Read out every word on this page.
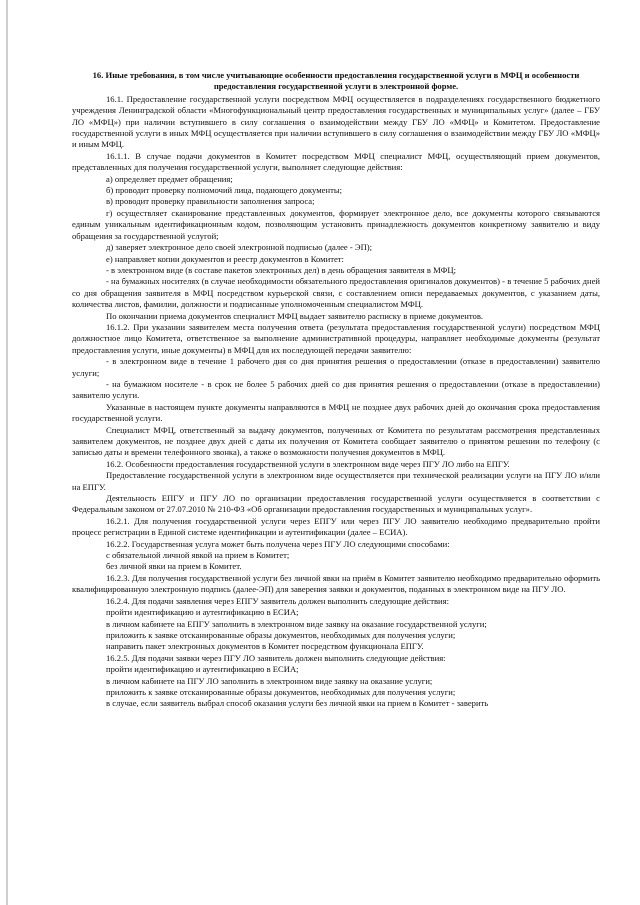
16. Иные требования, в том числе учитывающие особенности предоставления государственной услуги в МФЦ и особенности предоставления государственной услуги в электронной форме.

16.1. Предоставление государственной услуги посредством МФЦ осуществляется в подразделениях государственного бюджетного учреждения Ленинградской области «Многофункциональный центр предоставления государственных и муниципальных услуг» (далее – ГБУ ЛО «МФЦ») при наличии вступившего в силу соглашения о взаимодействии между ГБУ ЛО «МФЦ» и Комитетом. Предоставление государственной услуги в иных МФЦ осуществляется при наличии вступившего в силу соглашения о взаимодействии между ГБУ ЛО «МФЦ» и иным МФЦ.

16.1.1. В случае подачи документов в Комитет посредством МФЦ специалист МФЦ, осуществляющий прием документов, представленных для получения государственной услуги, выполняет следующие действия:

а) определяет предмет обращения;

б) проводит проверку полномочий лица, подающего документы;

в) проводит проверку правильности заполнения запроса;

г) осуществляет сканирование представленных документов, формирует электронное дело, все документы которого связываются единым уникальным идентификационным кодом, позволяющим установить принадлежность документов конкретному заявителю и виду обращения за государственной услугой;

д) заверяет электронное дело своей электронной подписью (далее - ЭП);

е) направляет копии документов и реестр документов в Комитет:

- в электронном виде (в составе пакетов электронных дел) в день обращения заявителя в МФЦ;

- на бумажных носителях (в случае необходимости обязательного предоставления оригиналов документов) - в течение 5 рабочих дней со дня обращения заявителя в МФЦ посредством курьерской связи, с составлением описи передаваемых документов, с указанием даты, количества листов, фамилии, должности и подписанные уполномоченным специалистом МФЦ.

По окончании приема документов специалист МФЦ выдает заявителю расписку в приеме документов.

16.1.2. При указании заявителем места получения ответа (результата предоставления государственной услуги) посредством МФЦ должностное лицо Комитета, ответственное за выполнение административной процедуры, направляет необходимые документы (результат предоставления услуги, иные документы) в МФЦ для их последующей передачи заявителю:

- в электронном виде в течение 1 рабочего дня со дня принятия решения о предоставлении (отказе в предоставлении) заявителю услуги;

- на бумажном носителе - в срок не более 5 рабочих дней со дня принятия решения о предоставлении (отказе в предоставлении) заявителю услуги.

Указанные в настоящем пункте документы направляются в МФЦ не позднее двух рабочих дней до окончания срока предоставления государственной услуги.

Специалист МФЦ, ответственный за выдачу документов, полученных от Комитета по результатам рассмотрения представленных заявителем документов, не позднее двух дней с даты их получения от Комитета сообщает заявителю о принятом решении по телефону (с записью даты и времени телефонного звонка), а также о возможности получения документов в МФЦ.

16.2. Особенности предоставления государственной услуги в электронном виде через ПГУ ЛО либо на ЕПГУ.

Предоставление государственной услуги в электронном виде осуществляется при технической реализации услуги на ПГУ ЛО и/или на ЕПГУ.

Деятельность ЕПГУ и ПГУ ЛО по организации предоставления государственной услуги осуществляется в соответствии с Федеральным законом от 27.07.2010 № 210-ФЗ «Об организации предоставления государственных и муниципальных услуг».

16.2.1. Для получения государственной услуги через ЕПГУ или через ПГУ ЛО заявителю необходимо предварительно пройти процесс регистрации в Единой системе идентификации и аутентификации (далее – ЕСИА).

16.2.2. Государственная услуга может быть получена через ПГУ ЛО следующими способами:

с обязательной личной явкой на прием в Комитет;

без личной явки на прием в Комитет.

16.2.3. Для получения государственной услуги без личной явки на приём в Комитет заявителю необходимо предварительно оформить квалифицированную электронную подпись (далее-ЭП) для заверения заявки и документов, поданных в электронном виде на ПГУ ЛО.

16.2.4. Для подачи заявления через ЕПГУ заявитель должен выполнить следующие действия:

пройти идентификацию и аутентификацию в ЕСИА;

в личном кабинете на ЕПГУ заполнить в электронном виде заявку на оказание государственной услуги;

приложить к заявке отсканированные образы документов, необходимых для получения услуги;

направить пакет электронных документов в Комитет посредством функционала ЕПГУ.

16.2.5. Для подачи заявки через ПГУ ЛО заявитель должен выполнить следующие действия:

пройти идентификацию и аутентификацию в ЕСИА;

в личном кабинете на ПГУ ЛО заполнить в электронном виде заявку на оказание услуги;

приложить к заявке отсканированные образы документов, необходимых для получения услуги;

в случае, если заявитель выбрал способ оказания услуги без личной явки на прием в Комитет - заверить
